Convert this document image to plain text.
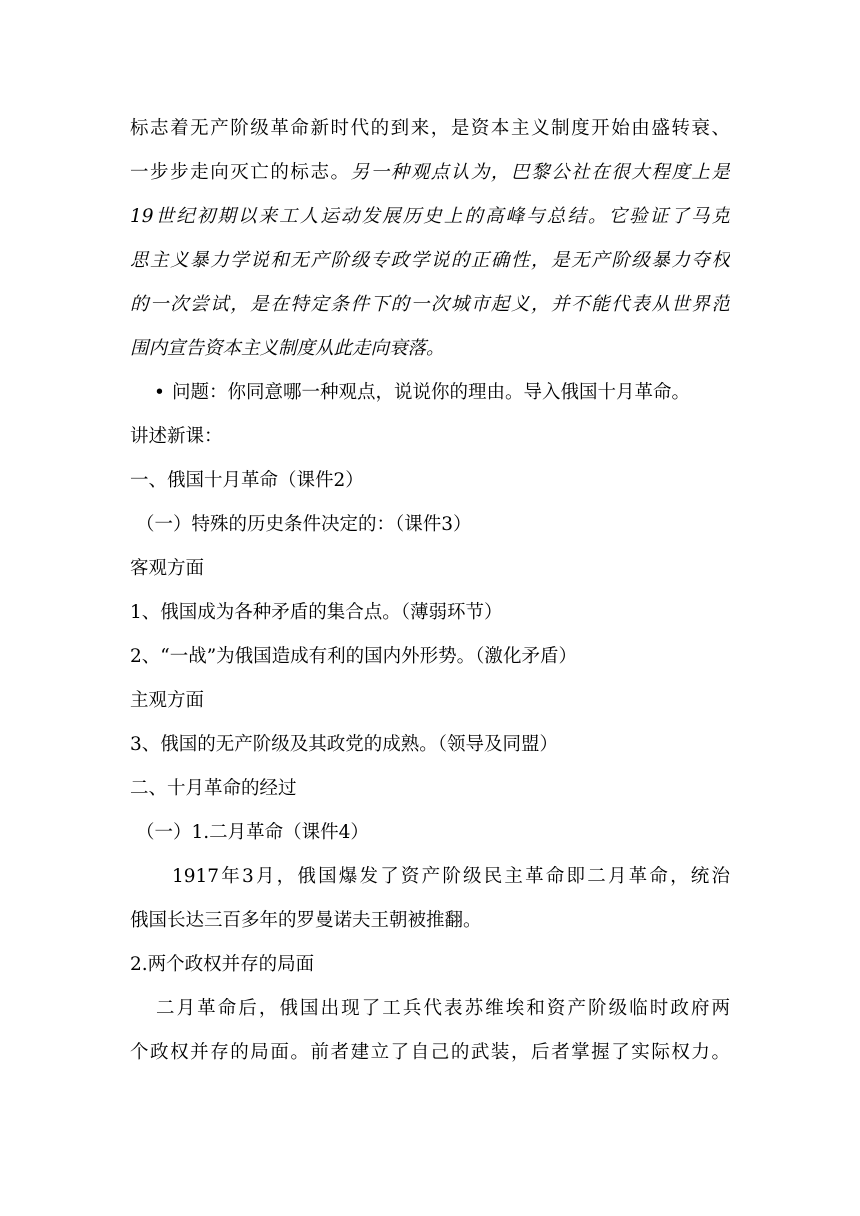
标志着无产阶级革命新时代的到来，是资本主义制度开始由盛转衰、
一步步走向灭亡的标志。另一种观点认为，巴黎公社在很大程度上是
19世纪初期以来工人运动发展历史上的高峰与总结。它验证了马克
思主义暴力学说和无产阶级专政学说的正确性，是无产阶级暴力夺权
的一次尝试，是在特定条件下的一次城市起义，并不能代表从世界范
围内宣告资本主义制度从此走向衰落。
• 问题：你同意哪一种观点，说说你的理由。导入俄国十月革命。
讲述新课：
一、俄国十月革命（课件2）
（一）特殊的历史条件决定的：（课件3）
客观方面
1、俄国成为各种矛盾的集合点。（薄弱环节）
2、“一战”为俄国造成有利的国内外形势。（激化矛盾）
主观方面
3、俄国的无产阶级及其政党的成熟。（领导及同盟）
二、十月革命的经过
（一）1.二月革命（课件4）
1917年3月，俄国爆发了资产阶级民主革命即二月革命，统治
俄国长达三百多年的罗曼诺夫王朝被推翻。
2.两个政权并存的局面
二月革命后，俄国出现了工兵代表苏维埃和资产阶级临时政府两
个政权并存的局面。前者建立了自己的武装，后者掌握了实际权力。
